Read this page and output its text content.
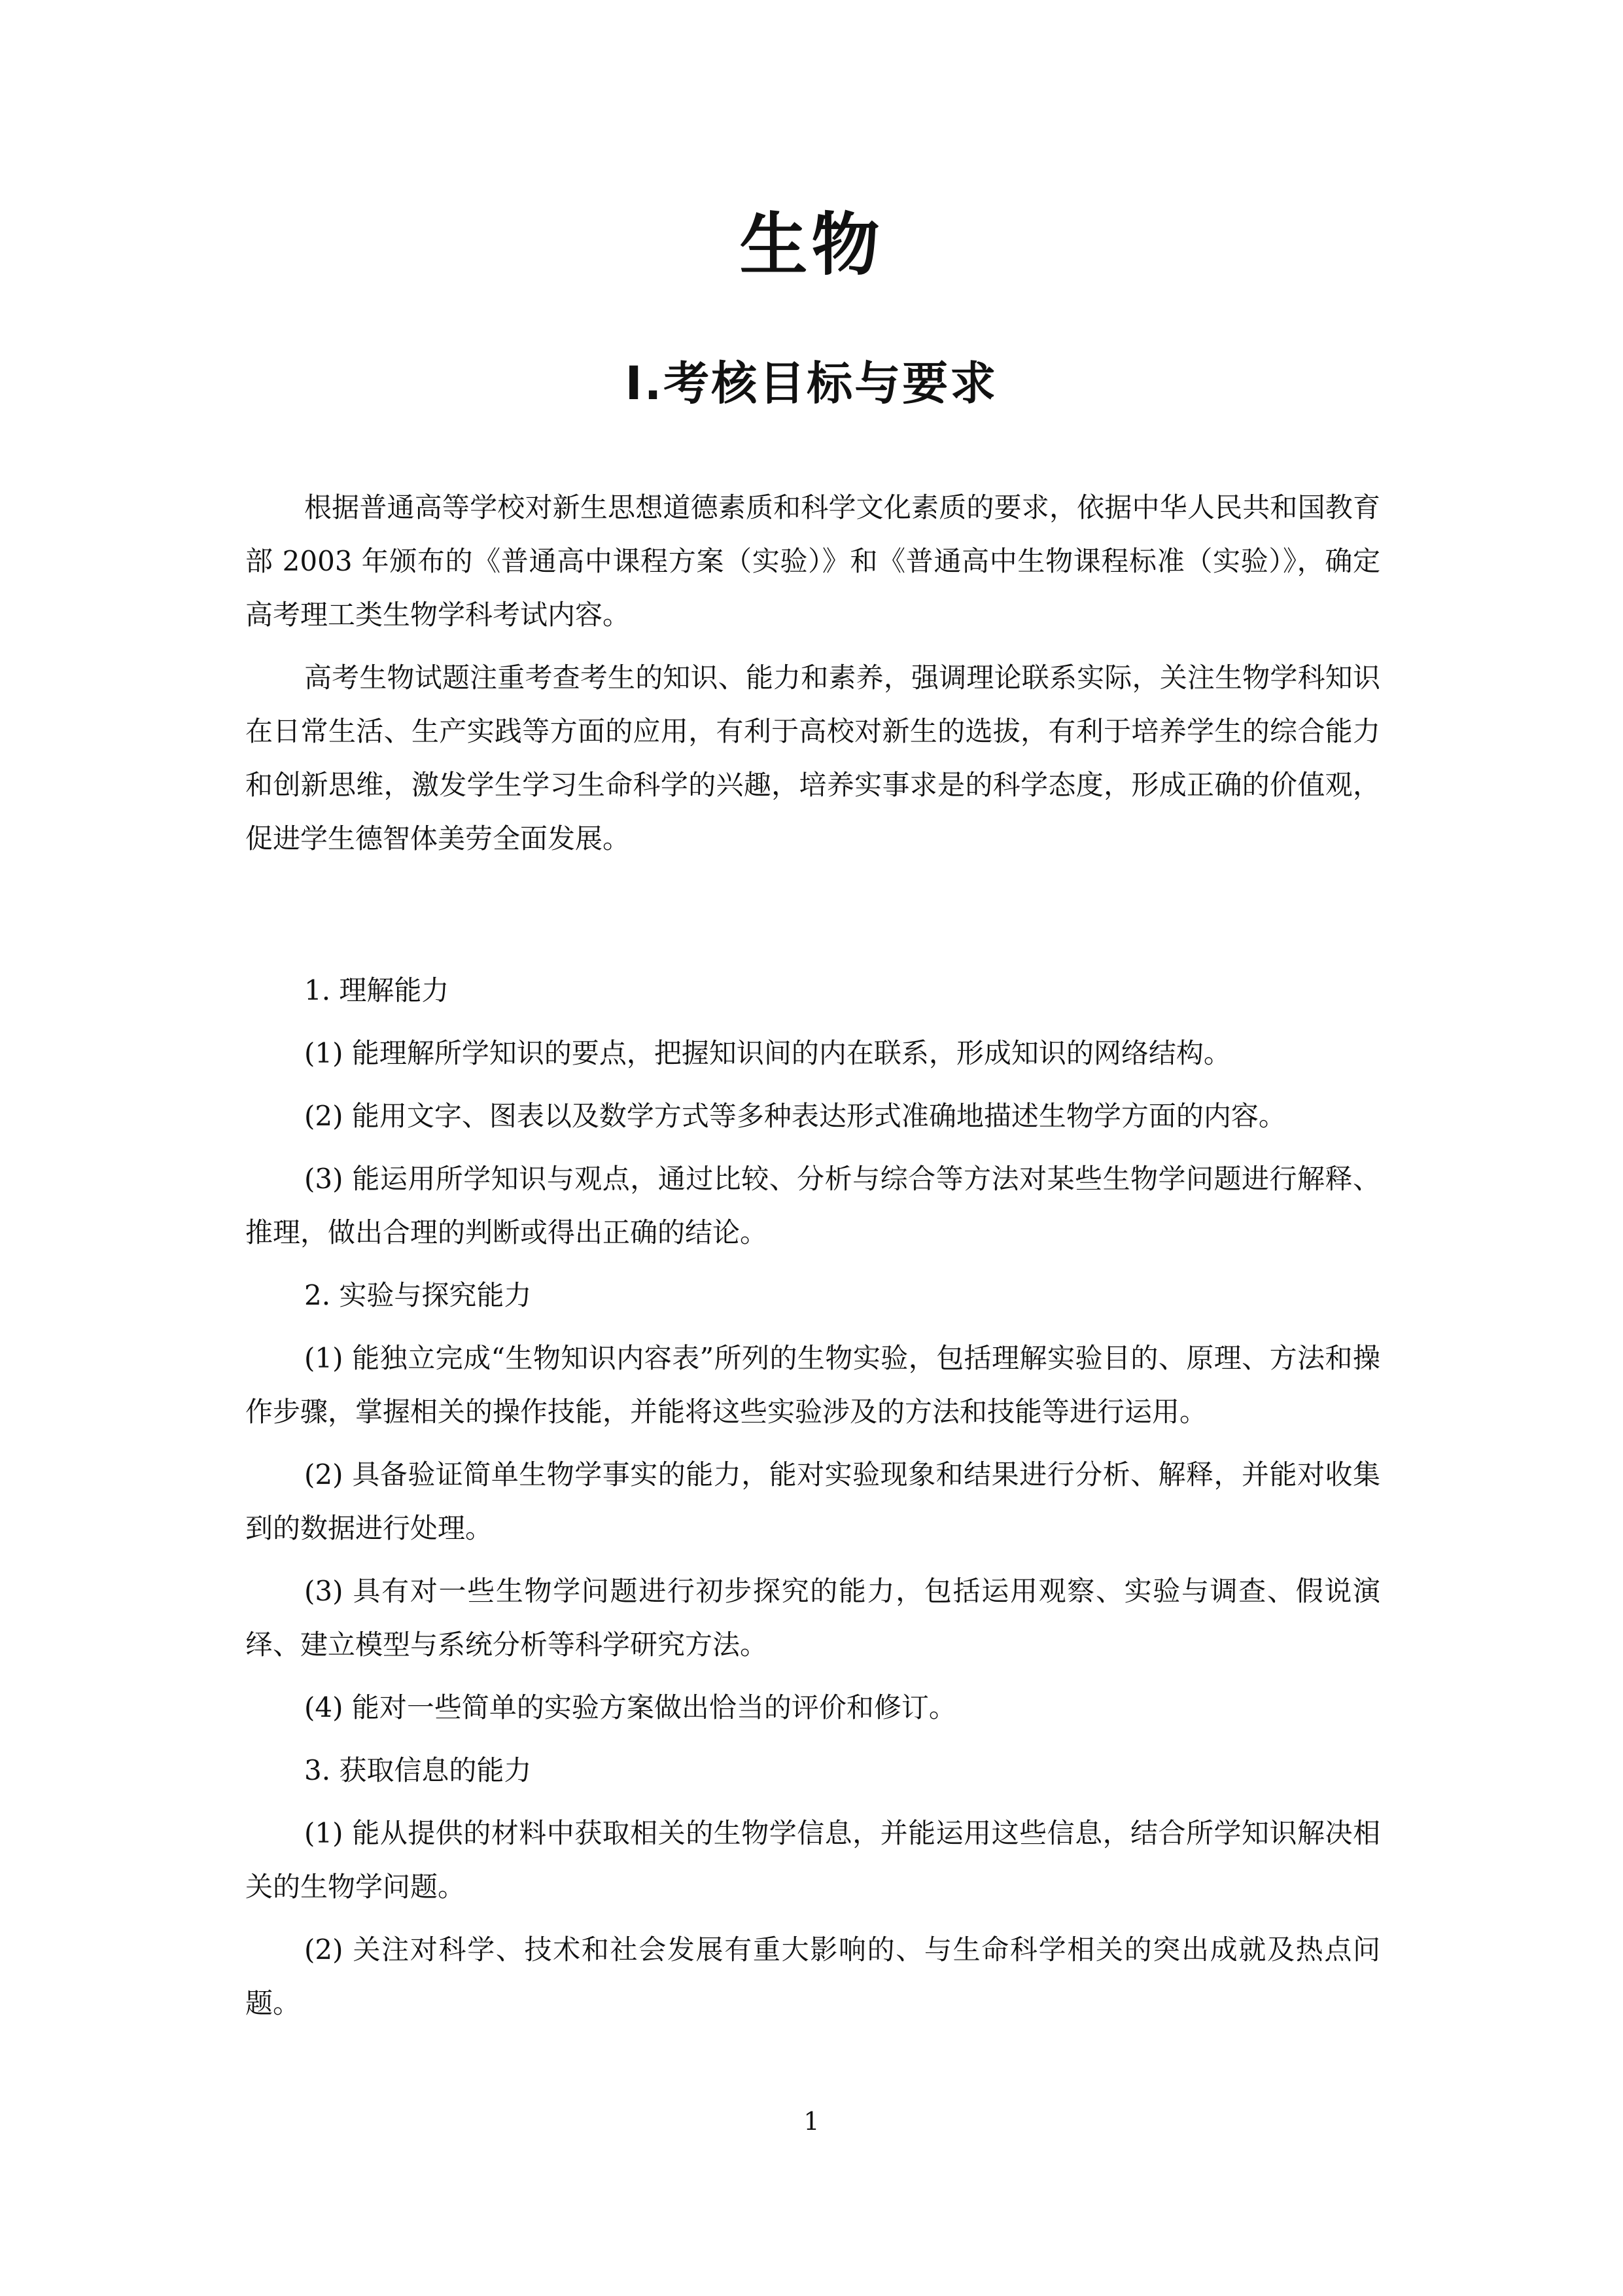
生物
Ⅰ.考核目标与要求

根据普通高等学校对新生思想道德素质和科学文化素质的要求，依据中华人民共和国教育部 2003 年颁布的《普通高中课程方案（实验）》和《普通高中生物课程标准（实验）》，确定高考理工类生物学科考试内容。

高考生物试题注重考查考生的知识、能力和素养，强调理论联系实际，关注生物学科知识在日常生活、生产实践等方面的应用，有利于高校对新生的选拔，有利于培养学生的综合能力和创新思维，激发学生学习生命科学的兴趣，培养实事求是的科学态度，形成正确的价值观，促进学生德智体美劳全面发展。

1. 理解能力

(1) 能理解所学知识的要点，把握知识间的内在联系，形成知识的网络结构。

(2) 能用文字、图表以及数学方式等多种表达形式准确地描述生物学方面的内容。

(3) 能运用所学知识与观点，通过比较、分析与综合等方法对某些生物学问题进行解释、推理，做出合理的判断或得出正确的结论。

2. 实验与探究能力

(1) 能独立完成“生物知识内容表”所列的生物实验，包括理解实验目的、原理、方法和操作步骤，掌握相关的操作技能，并能将这些实验涉及的方法和技能等进行运用。

(2) 具备验证简单生物学事实的能力，能对实验现象和结果进行分析、解释，并能对收集到的数据进行处理。

(3) 具有对一些生物学问题进行初步探究的能力，包括运用观察、实验与调查、假说演绎、建立模型与系统分析等科学研究方法。

(4) 能对一些简单的实验方案做出恰当的评价和修订。

3. 获取信息的能力

(1) 能从提供的材料中获取相关的生物学信息，并能运用这些信息，结合所学知识解决相关的生物学问题。

(2) 关注对科学、技术和社会发展有重大影响的、与生命科学相关的突出成就及热点问题。

1
